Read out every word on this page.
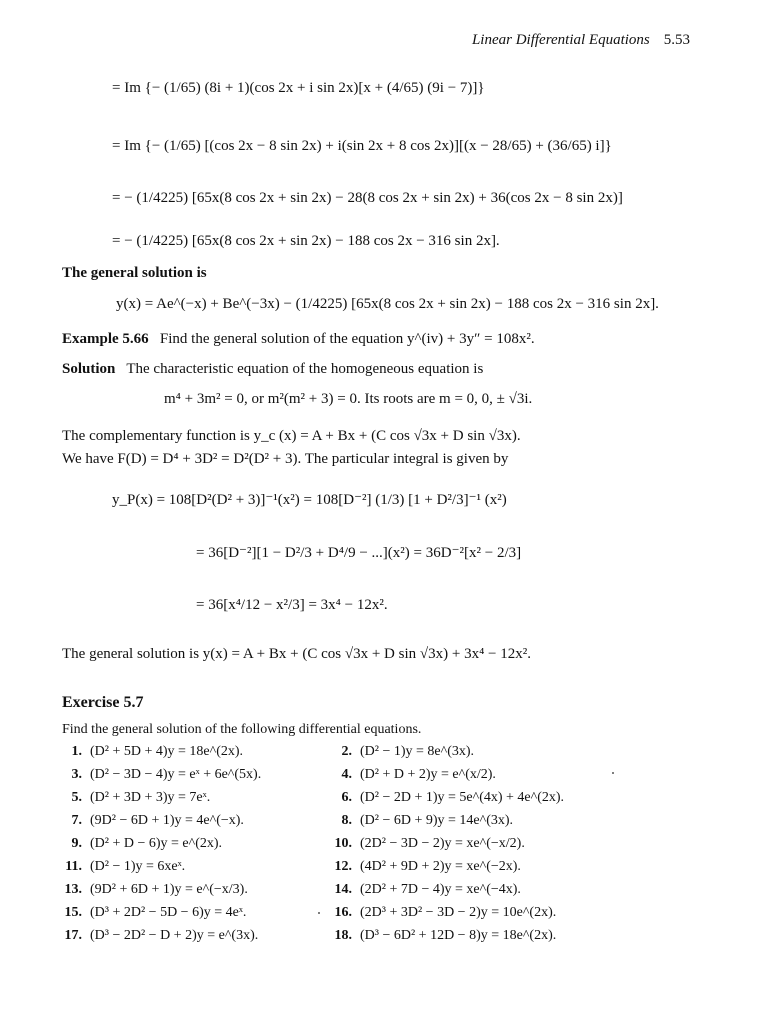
Linear Differential Equations 5.53
= Im {− (1/65) (8i + 1)(cos 2x + i sin 2x)[x + (4/65) (9i − 7)]}
= Im {− (1/65) [(cos 2x − 8 sin 2x) + i(sin 2x + 8 cos 2x)][(x − 28/65) + (36/65) i]}
= − (1/4225) [65x(8 cos 2x + sin 2x) − 28(8 cos 2x + sin 2x) + 36(cos 2x − 8 sin 2x)]
= − (1/4225) [65x(8 cos 2x + sin 2x) − 188 cos 2x − 316 sin 2x].
The general solution is
y(x) = Ae^(−x) + Be^(−3x) − (1/4225) [65x(8 cos 2x + sin 2x) − 188 cos 2x − 316 sin 2x].
Example 5.66 Find the general solution of the equation y^(iv) + 3y″ = 108x².
Solution The characteristic equation of the homogeneous equation is
m⁴ + 3m² = 0, or m²(m² + 3) = 0. Its roots are m = 0, 0, ± √3i.
The complementary function is y_c (x) = A + Bx + (C cos √3x + D sin √3x).
We have F(D) = D⁴ + 3D² = D²(D² + 3). The particular integral is given by
y_P(x) = 108[D²(D² + 3)]⁻¹(x²) = 108[D⁻²] (1/3) [1 + D²/3]⁻¹ (x²)
= 36[D⁻²][1 − D²/3 + D⁴/9 − ...](x²) = 36D⁻²[x² − 2/3]
= 36[x⁴/12 − x²/3] = 3x⁴ − 12x².
The general solution is y(x) = A + Bx + (C cos √3x + D sin √3x) + 3x⁴ − 12x².
Exercise 5.7
Find the general solution of the following differential equations.
1. (D² + 5D + 4)y = 18e^(2x).	2. (D² − 1)y = 8e^(3x).
3. (D² − 3D − 4)y = eˣ + 6e^(5x).	4. (D² + D + 2)y = e^(x/2).
5. (D² + 3D + 3)y = 7eˣ.	6. (D² − 2D + 1)y = 5e^(4x) + 4e^(2x).
7. (9D² − 6D + 1)y = 4e^(−x).	8. (D² − 6D + 9)y = 14e^(3x).
9. (D² + D − 6)y = e^(2x).	10. (2D² − 3D − 2)y = xe^(−x/2).
11. (D² − 1)y = 6xeˣ.	12. (4D² + 9D + 2)y = xe^(−2x).
13. (9D² + 6D + 1)y = e^(−x/3).	14. (2D² + 7D − 4)y = xe^(−4x).
15. (D³ + 2D² − 5D − 6)y = 4eˣ.	16. (2D³ + 3D² − 3D − 2)y = 10e^(2x).
17. (D³ − 2D² − D + 2)y = e^(3x).	18. (D³ − 6D² + 12D − 8)y = 18e^(2x).
